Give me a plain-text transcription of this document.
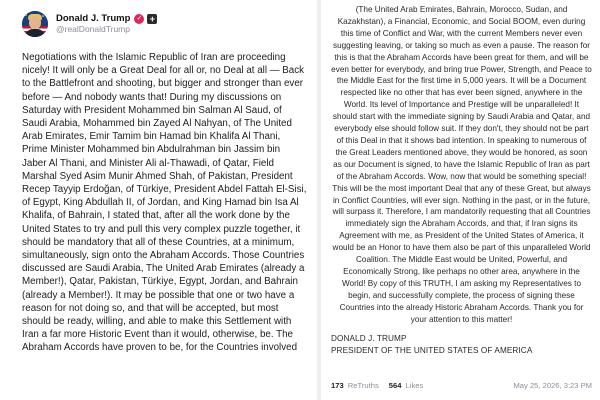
Donald J. Trump ✓ +
@realDonaldTrump
Negotiations with the Islamic Republic of Iran are proceeding nicely! It will only be a Great Deal for all or, no Deal at all — Back to the Battlefront and shooting, but bigger and stronger than ever before — And nobody wants that! During my discussions on Saturday with President Mohammed bin Salman Al Saud, of Saudi Arabia, Mohammed bin Zayed Al Nahyan, of The United Arab Emirates, Emir Tamim bin Hamad bin Khalifa Al Thani, Prime Minister Mohammed bin Abdulrahman bin Jassim bin Jaber Al Thani, and Minister Ali al-Thawadi, of Qatar, Field Marshal Syed Asim Munir Ahmed Shah, of Pakistan, President Recep Tayyip Erdoğan, of Türkiye, President Abdel Fattah El-Sisi, of Egypt, King Abdullah II, of Jordan, and King Hamad bin Isa Al Khalifa, of Bahrain, I stated that, after all the work done by the United States to try and pull this very complex puzzle together, it should be mandatory that all of these Countries, at a minimum, simultaneously, sign onto the Abraham Accords. Those Countries discussed are Saudi Arabia, The United Arab Emirates (already a Member!), Qatar, Pakistan, Türkiye, Egypt, Jordan, and Bahrain (already a Member!). It may be possible that one or two have a reason for not doing so, and that will be accepted, but most should be ready, willing, and able to make this Settlement with Iran a far more Historic Event than it would, otherwise, be. The Abraham Accords have proven to be, for the Countries involved
(The United Arab Emirates, Bahrain, Morocco, Sudan, and Kazakhstan), a Financial, Economic, and Social BOOM, even during this time of Conflict and War, with the current Members never even suggesting leaving, or taking so much as even a pause. The reason for this is that the Abraham Accords have been great for them, and will be even better for everybody, and bring true Power, Strength, and Peace to the Middle East for the first time in 5,000 years. It will be a Document respected like no other that has ever been signed, anywhere in the World. Its level of Importance and Prestige will be unparalleled! It should start with the immediate signing by Saudi Arabia and Qatar, and everybody else should follow suit. If they don't, they should not be part of this Deal in that it shows bad intention. In speaking to numerous of the Great Leaders mentioned above, they would be honored, as soon as our Document is signed, to have the Islamic Republic of Iran as part of the Abraham Accords. Wow, now that would be something special! This will be the most important Deal that any of these Great, but always in Conflict Countries, will ever sign. Nothing in the past, or in the future, will surpass it. Therefore, I am mandatorily requesting that all Countries immediately sign the Abraham Accords, and that, if Iran signs its Agreement with me, as President of the United States of America, it would be an Honor to have them also be part of this unparalleled World Coalition. The Middle East would be United, Powerful, and Economically Strong, like perhaps no other area, anywhere in the World! By copy of this TRUTH, I am asking my Representatives to begin, and successfully complete, the process of signing these Countries into the already Historic Abraham Accords. Thank you for your attention to this matter!
DONALD J. TRUMP
PRESIDENT OF THE UNITED STATES OF AMERICA
173 ReTruths 564 Likes	May 25, 2026, 3:23 PM
